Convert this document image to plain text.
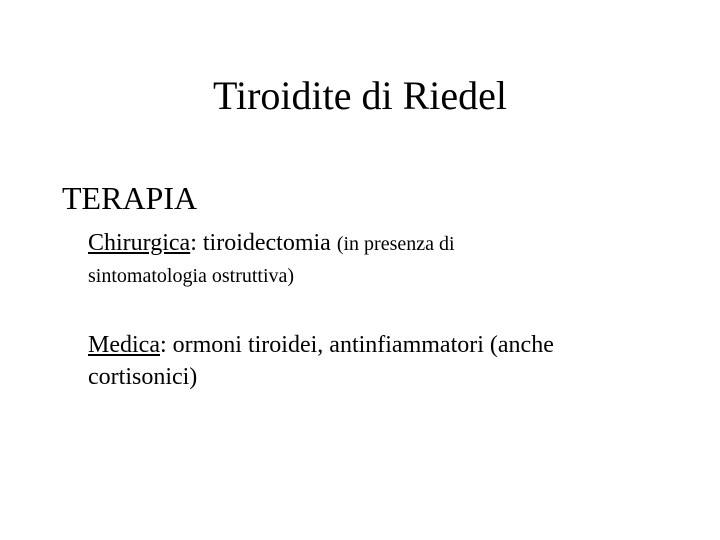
Tiroidite di Riedel
TERAPIA
Chirurgica: tiroidectomia (in presenza di
sintomatologia ostruttiva)
Medica: ormoni tiroidei, antinfiammatori (anche
cortisonici)
